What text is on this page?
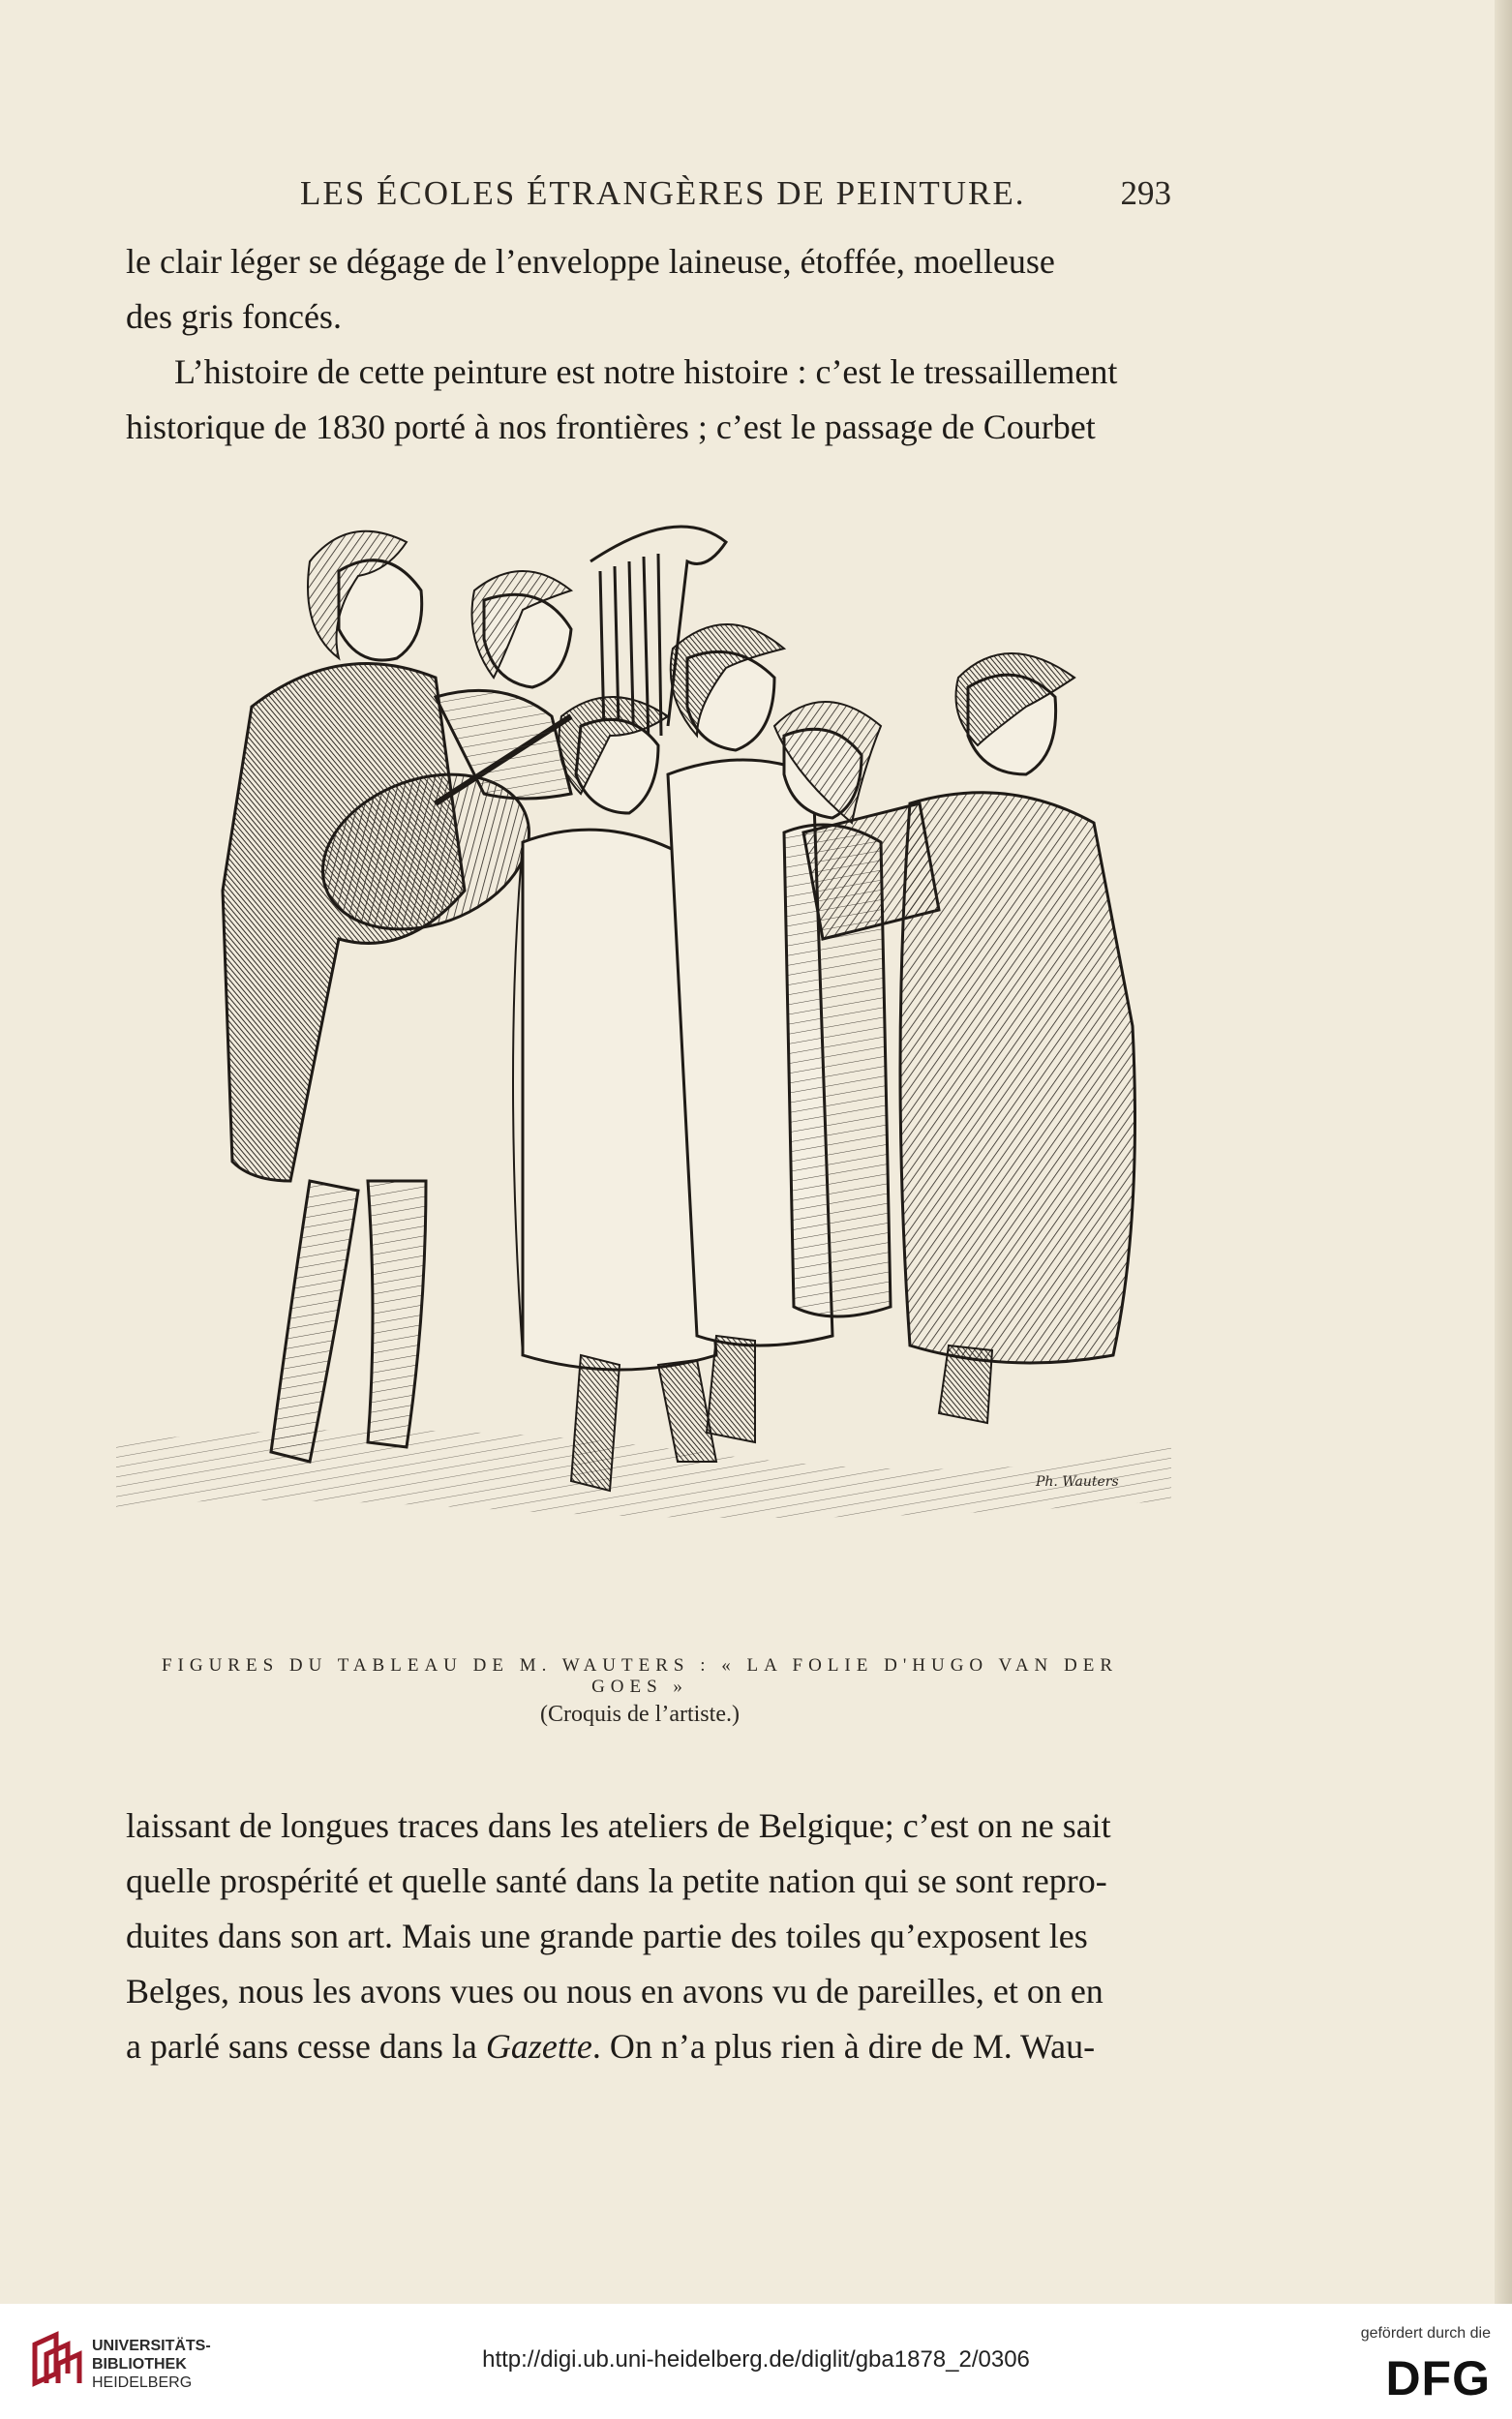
LES ÉCOLES ÉTRANGÈRES DE PEINTURE.	293

le clair léger se dégage de l’enveloppe laineuse, étoffée, moelleuse

des gris foncés.

L’histoire de cette peinture est notre histoire : c’est le tressaillement

historique de 1830 porté à nos frontières ; c’est le passage de Courbet

Ph. Wauters
FIGURES DU TABLEAU DE M. WAUTERS : « LA FOLIE D'HUGO VAN DER GOES »
(Croquis de l’artiste.)

laissant de longues traces dans les ateliers de Belgique; c’est on ne sait

quelle prospérité et quelle santé dans la petite nation qui se sont repro-

duites dans son art. Mais une grande partie des toiles qu’exposent les

Belges, nous les avons vues ou nous en avons vu de pareilles, et on en

a parlé sans cesse dans la Gazette. On n’a plus rien à dire de M. Wau-

UNIVERSITÄTS-
BIBLIOTHEK
HEIDELBERG
http://digi.ub.uni-heidelberg.de/diglit/gba1878_2/0306
gefördert durch die
DFG
